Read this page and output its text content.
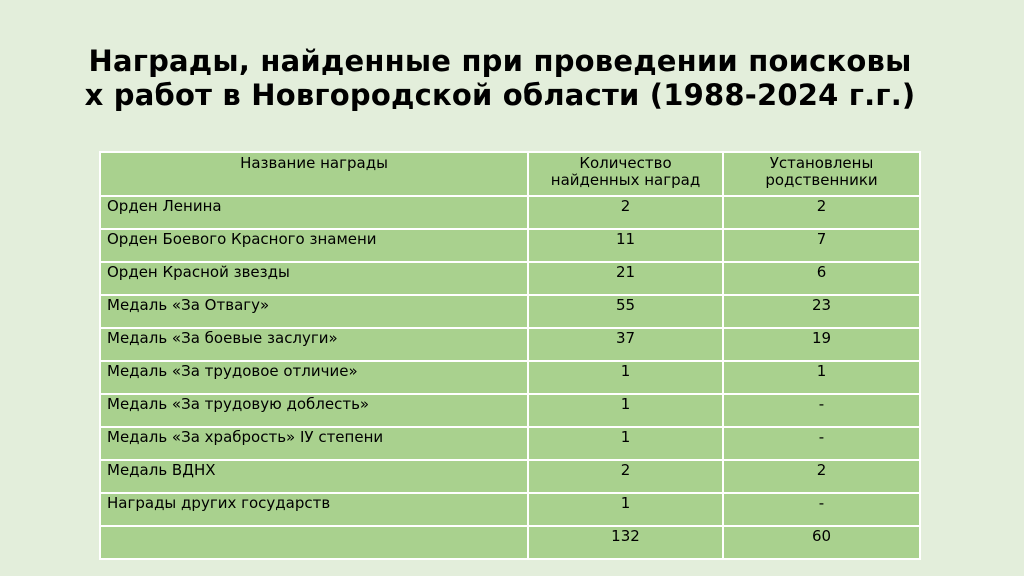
Награды, найденные при проведении поисковы
х работ в Новгородской области (1988-2024 г.г.)
Название награды	Количество найденных наград	Установлены родственники
Орден Ленина	2	2
Орден Боевого Красного знамени	11	7
Орден Красной звезды	21	6
Медаль «За Отвагу»	55	23
Медаль «За боевые заслуги»	37	19
Медаль «За трудовое отличие»	1	1
Медаль «За трудовую доблесть»	1	-
Медаль «За храбрость» IУ степени	1	-
Медаль ВДНХ	2	2
Награды других государств	1	-
	132	60
